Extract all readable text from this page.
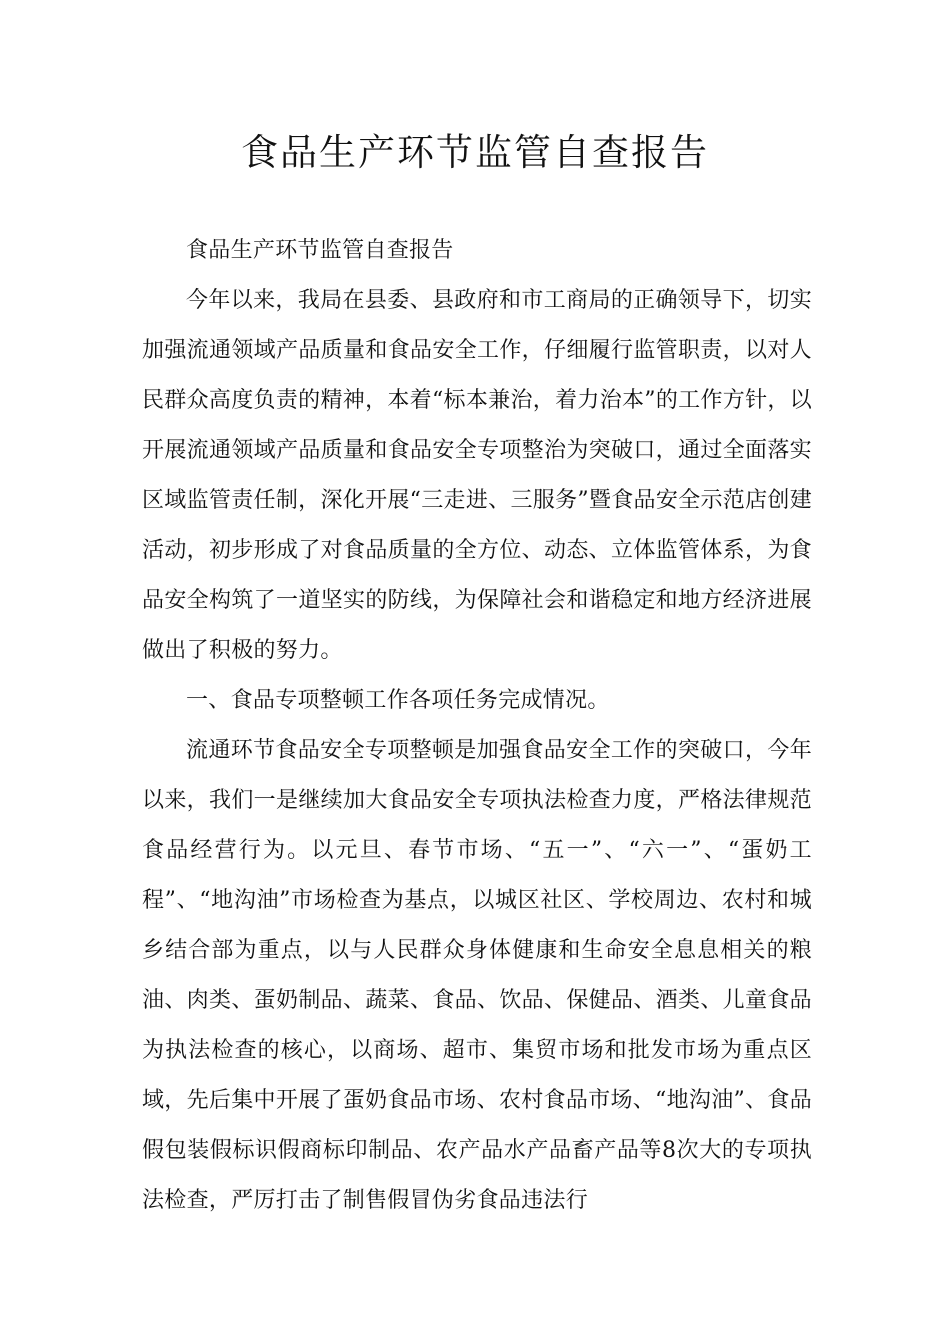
食品生产环节监管自查报告

食品生产环节监管自查报告

今年以来，我局在县委、县政府和市工商局的正确领导下，切实加强流通领域产品质量和食品安全工作，仔细履行监管职责，以对人民群众高度负责的精神，本着“标本兼治，着力治本”的工作方针，以开展流通领域产品质量和食品安全专项整治为突破口，通过全面落实区域监管责任制，深化开展“三走进、三服务”暨食品安全示范店创建活动，初步形成了对食品质量的全方位、动态、立体监管体系，为食品安全构筑了一道坚实的防线，为保障社会和谐稳定和地方经济进展做出了积极的努力。

一、食品专项整顿工作各项任务完成情况。

流通环节食品安全专项整顿是加强食品安全工作的突破口，今年以来，我们一是继续加大食品安全专项执法检查力度，严格法律规范食品经营行为。以元旦、春节市场、“五一”、“六一”、“蛋奶工程”、“地沟油”市场检查为基点，以城区社区、学校周边、农村和城乡结合部为重点，以与人民群众身体健康和生命安全息息相关的粮油、肉类、蛋奶制品、蔬菜、食品、饮品、保健品、酒类、儿童食品为执法检查的核心，以商场、超市、集贸市场和批发市场为重点区域，先后集中开展了蛋奶食品市场、农村食品市场、“地沟油”、食品假包装假标识假商标印制品、农产品水产品畜产品等8次大的专项执法检查，严厉打击了制售假冒伪劣食品违法行
